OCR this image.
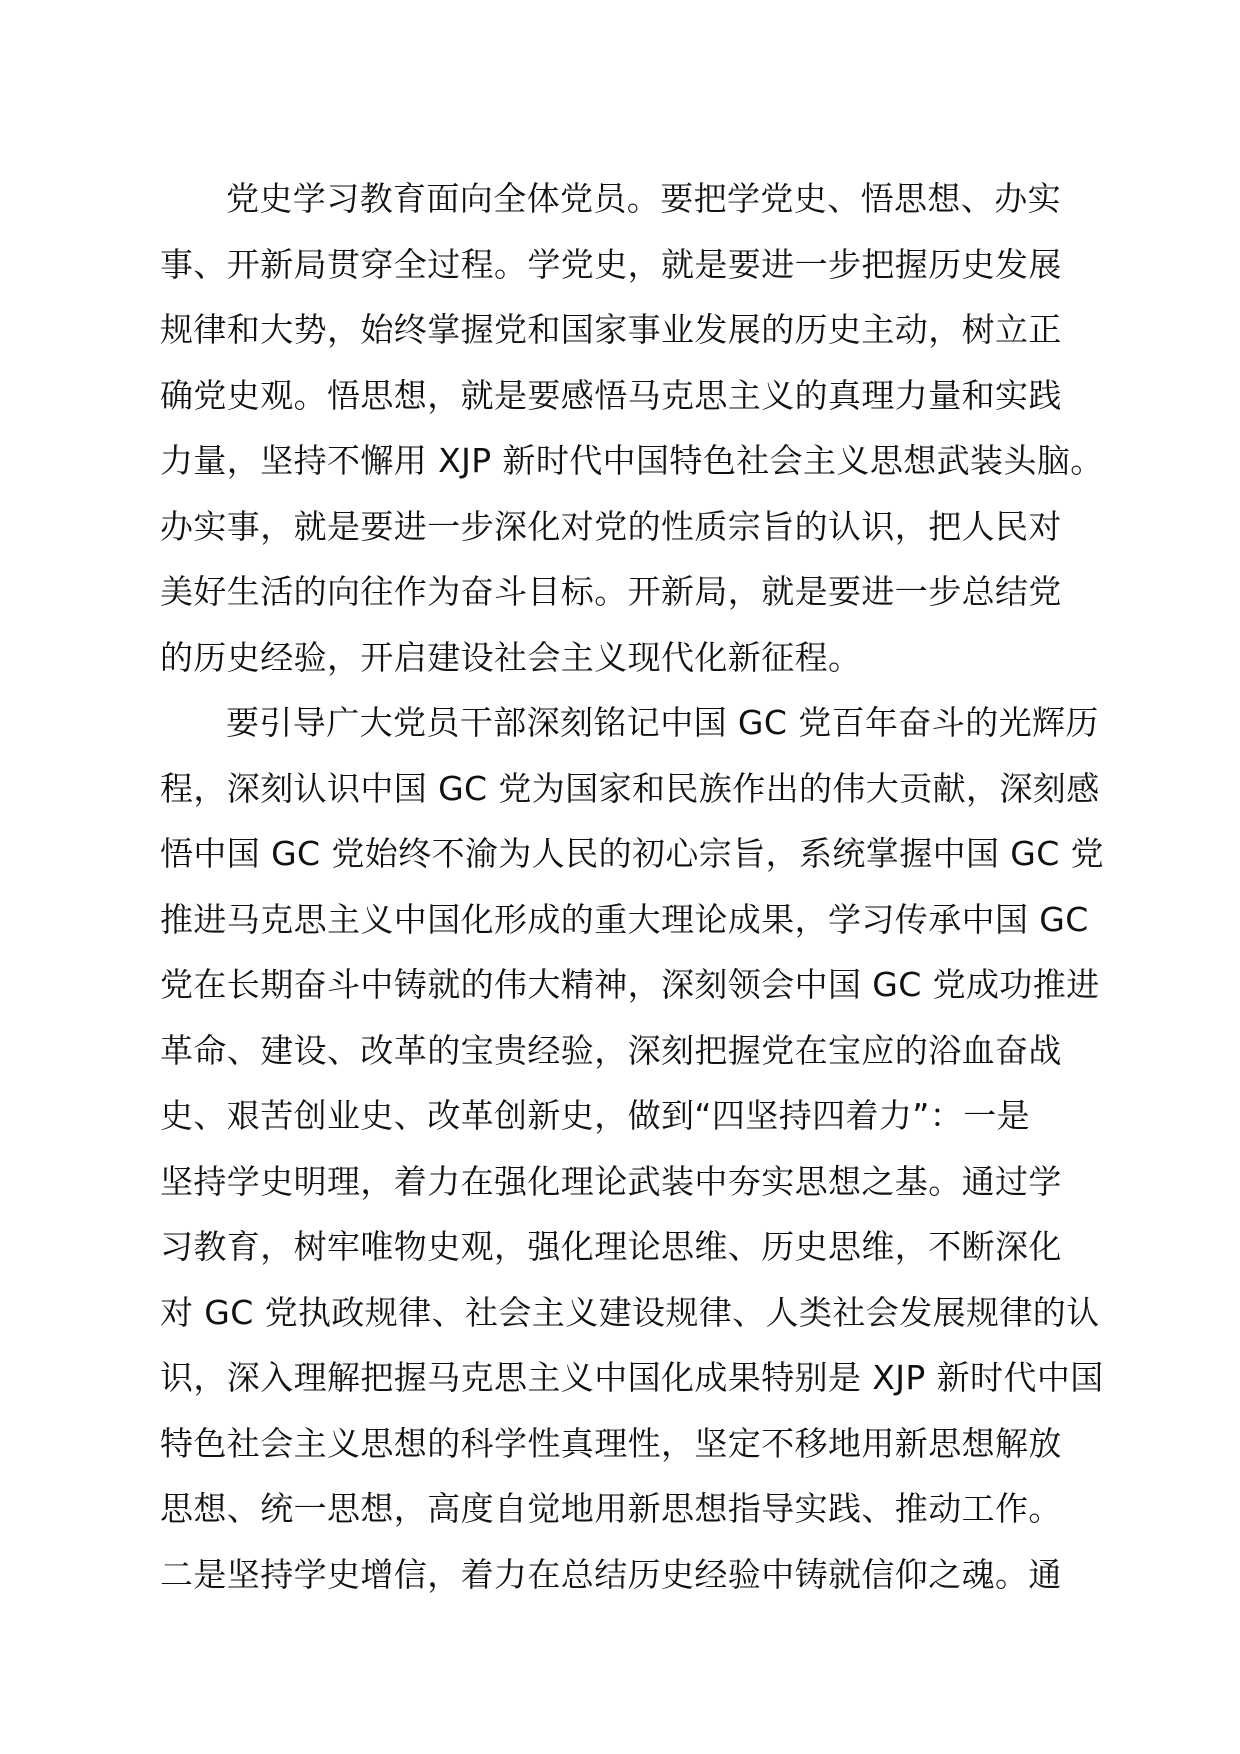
党史学习教育面向全体党员。要把学党史、悟思想、办实
事、开新局贯穿全过程。学党史，就是要进一步把握历史发展
规律和大势，始终掌握党和国家事业发展的历史主动，树立正
确党史观。悟思想，就是要感悟马克思主义的真理力量和实践
力量，坚持不懈用 XJP 新时代中国特色社会主义思想武装头脑。
办实事，就是要进一步深化对党的性质宗旨的认识，把人民对
美好生活的向往作为奋斗目标。开新局，就是要进一步总结党
的历史经验，开启建设社会主义现代化新征程。
要引导广大党员干部深刻铭记中国 GC 党百年奋斗的光辉历
程，深刻认识中国 GC 党为国家和民族作出的伟大贡献，深刻感
悟中国 GC 党始终不渝为人民的初心宗旨，系统掌握中国 GC 党
推进马克思主义中国化形成的重大理论成果，学习传承中国 GC
党在长期奋斗中铸就的伟大精神，深刻领会中国 GC 党成功推进
革命、建设、改革的宝贵经验，深刻把握党在宝应的浴血奋战
史、艰苦创业史、改革创新史，做到“四坚持四着力”：一是
坚持学史明理，着力在强化理论武装中夯实思想之基。通过学
习教育，树牢唯物史观，强化理论思维、历史思维，不断深化
对 GC 党执政规律、社会主义建设规律、人类社会发展规律的认
识，深入理解把握马克思主义中国化成果特别是 XJP 新时代中国
特色社会主义思想的科学性真理性，坚定不移地用新思想解放
思想、统一思想，高度自觉地用新思想指导实践、推动工作。
二是坚持学史增信，着力在总结历史经验中铸就信仰之魂。通
